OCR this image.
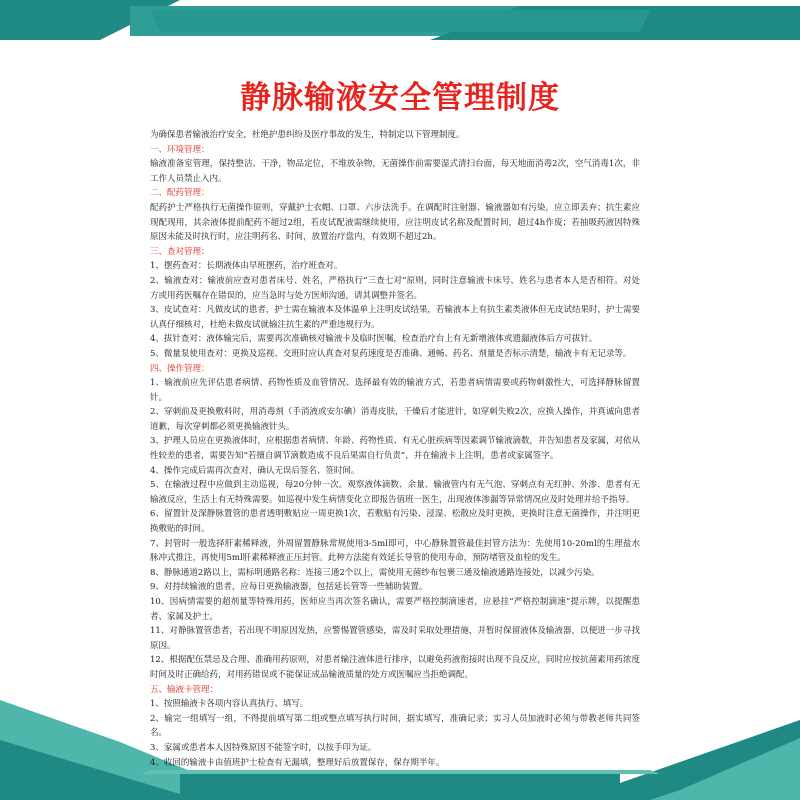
静脉输液安全管理制度

为确保患者输液治疗安全，杜绝护患纠纷及医疗事故的发生，特制定以下管理制度。

一、环境管理：

输液准备室管理，保持整洁、干净，物品定位，不堆放杂物，无菌操作前需要湿式清扫台面，每天地面消毒2次，空气消毒1次，非工作人员禁止入内。

二、配药管理：

配药护士严格执行无菌操作原则，穿戴护士衣帽、口罩、六步法洗手。在调配时注射器、输液器如有污染，应立即丢弃；抗生素应现配现用，其余液体提前配药不超过2组，若皮试配液需继续使用，应注明皮试名称及配置时间，超过4h作废；若抽吸药液因特殊原因未能及时执行时，应注明药名、时间，放置治疗盘内，有效期不超过2h。

三、查对管理：

1、摆药查对：长期液体由早班摆药，治疗班查对。

2、输液查对：输液前应查对患者床号、姓名，严格执行“三查七对”原则，同时注意输液卡床号、姓名与患者本人是否相符。对处方或用药医嘱存在错误的，应当急时与处方医师沟通，请其调整并签名。

3、皮试查对：凡做皮试的患者，护士需在输液本及体温单上注明皮试结果，若输液本上有抗生素类液体但无皮试结果时，护士需要认真仔细核对，杜绝未做皮试就输注抗生素的严重违规行为。

4、拔针查对：液体输完后，需要再次准确核对输液卡及临时医嘱，检查治疗台上有无新增液体或遗漏液体后方可拔针。

5、微量泵使用查对：更换及巡视、交班时应认真查对泵药速度是否准确、通畅、药名、剂量是否标示清楚，输液卡有无记录等。

四、操作管理：

1、输液前应先评估患者病情、药物性质及血管情况、选择最有效的输液方式，若患者病情需要或药物刺激性大，可选择静脉留置针。

2、穿刺前及更换敷料时，用消毒剂（手消液或安尔碘）消毒皮肤，干燥后才能进针，如穿刺失败2次，应换人操作，并真诚向患者道歉，每次穿刺都必须更换输液针头。

3、护理人员应在更换液体时，应根据患者病情、年龄、药物性质、有无心脏疾病等因素调节输液滴数，并告知患者及家属，对依从性较差的患者，需要告知“若擅自调节滴数造成不良后果需自行负责”，并在输液卡上注明，患者或家属签字。

4、操作完成后需再次查对，确认无误后签名、签时间。

5、在输液过程中应做到主动巡视，每20分钟一次。观察液体滴数、余量、输液管内有无气泡、穿刺点有无红肿、外渗、患者有无输液反应，生活上有无特殊需要。如巡视中发生病情变化立即报告值班一医生，出现液体渗漏等异常情况应及时处理并给予指导。

6、留置针及深静脉置管的患者透明敷贴应一周更换1次，若敷贴有污染、浸湿、松散应及时更换，更换时注意无菌操作，并注明更换敷贴的时间。

7、封管时一般选择肝素稀释液，外周留置静脉常规使用3-5ml即可，中心静脉置管最佳封管方法为：先使用10-20ml的生理盐水脉冲式推注，再使用5ml肝素稀释液正压封管。此种方法能有效延长导管的使用寿命，预防堵管及血栓的发生。

8、静脉通道2路以上，需标明通路名称：连接三通2个以上，需使用无菌纱布包裹三通及输液通路连接处，以减少污染。

9、对持续输液的患者，应每日更换输液器，包括延长管等一些辅助装置。

10、因病情需要的超剂量等特殊用药，医师应当再次签名确认，需要严格控制滴速者，应悬挂“严格控制滴速”提示牌，以提醒患者、家属及护士。

11、对静脉置管患者，若出现不明原因发热，应警惕置管感染，需及时采取处理措施，并暂时保留液体及输液器，以便进一步寻找原因。

12、根据配伍禁忌及合理、准确用药原则，对患者输注液体进行排序，以避免药液衔接时出现不良反应，同时应按抗菌素用药浓度时间及时正确给药，对用药错误或不能保证成品输液质量的处方或医嘱应当拒绝调配。

五、输液卡管理：

1、按照输液卡各项内容认真执行、填写。

2、输完一组填写一组，不得提前填写第二组或整点填写执行时间，据实填写，准确记录；实习人员加液时必须与带教老师共同签名。

3、家属或患者本人因特殊原因不能签字时，以按手印为证。

4、收回的输液卡由值班护士检查有无漏填，整理好后放置保存，保存期半年。
